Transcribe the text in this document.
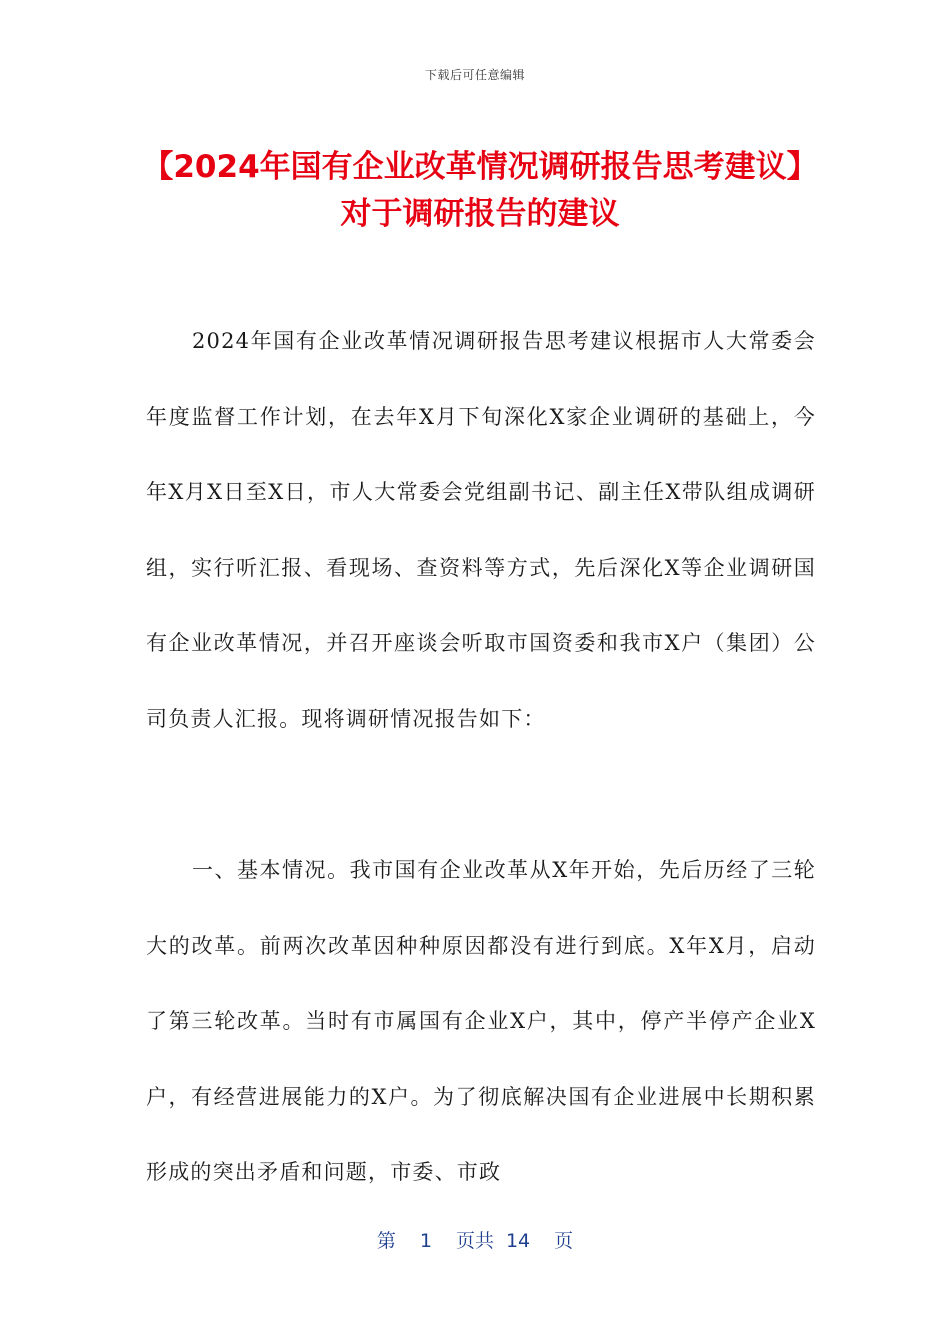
下载后可任意编辑
【2024年国有企业改革情况调研报告思考建议】对于调研报告的建议

2024年国有企业改革情况调研报告思考建议根据市人大常委会年度监督工作计划，在去年X月下旬深化X家企业调研的基础上，今年X月X日至X日，市人大常委会党组副书记、副主任X带队组成调研组，实行听汇报、看现场、查资料等方式，先后深化X等企业调研国有企业改革情况，并召开座谈会听取市国资委和我市X户（集团）公司负责人汇报。现将调研情况报告如下：

一、基本情况。我市国有企业改革从X年开始，先后历经了三轮大的改革。前两次改革因种种原因都没有进行到底。X年X月，启动了第三轮改革。当时有市属国有企业X户，其中，停产半停产企业X户，有经营进展能力的X户。为了彻底解决国有企业进展中长期积累形成的突出矛盾和问题，市委、市政

第 1 页共 14 页
